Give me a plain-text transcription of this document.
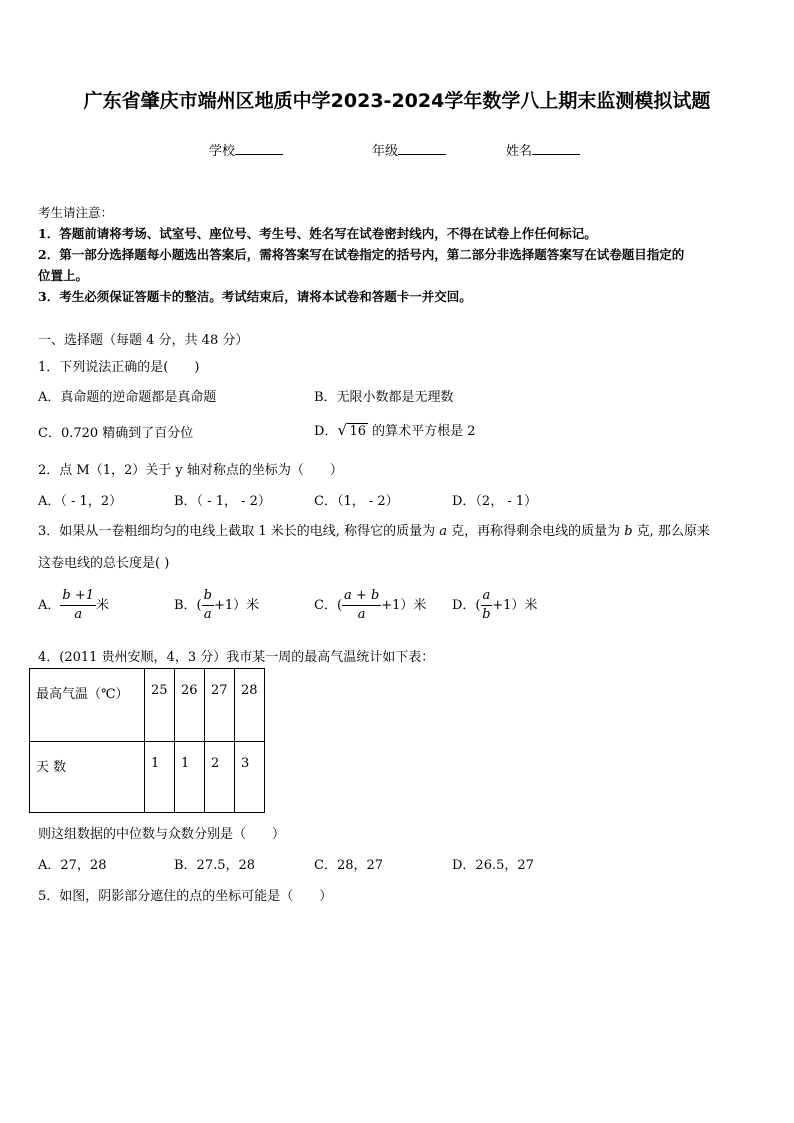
广东省肇庆市端州区地质中学2023-2024学年数学八上期末监测模拟试题
学校	年级	姓名
考生请注意：
1．答题前请将考场、试室号、座位号、考生号、姓名写在试卷密封线内，不得在试卷上作任何标记。
2．第一部分选择题每小题选出答案后，需将答案写在试卷指定的括号内，第二部分非选择题答案写在试卷题目指定的
位置上。
3．考生必须保证答题卡的整洁。考试结束后，请将本试卷和答题卡一并交回。
一、选择题（每题 4 分，共 48 分）
1．下列说法正确的是(　　)
A．真命题的逆命题都是真命题	B．无限小数都是无理数
C．0.720 精确到了百分位	D． √ 16 的算术平方根是 2
2．点 M（1，2）关于 y 轴对称点的坐标为（　　）
A．（ - 1，2）	B．（ - 1， - 2）	C．（1， - 2）	D．（2， - 1）
3．如果从一卷粗细均匀的电线上截取 1 米长的电线, 称得它的质量为 𝑎 克，再称得剩余电线的质量为 𝑏 克, 那么原来
这卷电线的总长度是( )
A． $\frac{b +1}{a}$ 米	B．( $\frac{b}{a} +1$）米	C．( $\frac{a + b}{a} +1$）米 D．( $\frac{a}{b} +1$）米
4．(2011 贵州安顺，4，3 分）我市某一周的最高气温统计如下表：
最高气温（℃）	25	26	27	28
天 数	1	1	2	3
则这组数据的中位数与众数分别是（　　）
A．27，28	B．27.5，28	C．28，27	D．26.5，27
5．如图，阴影部分遮住的点的坐标可能是（　　）
